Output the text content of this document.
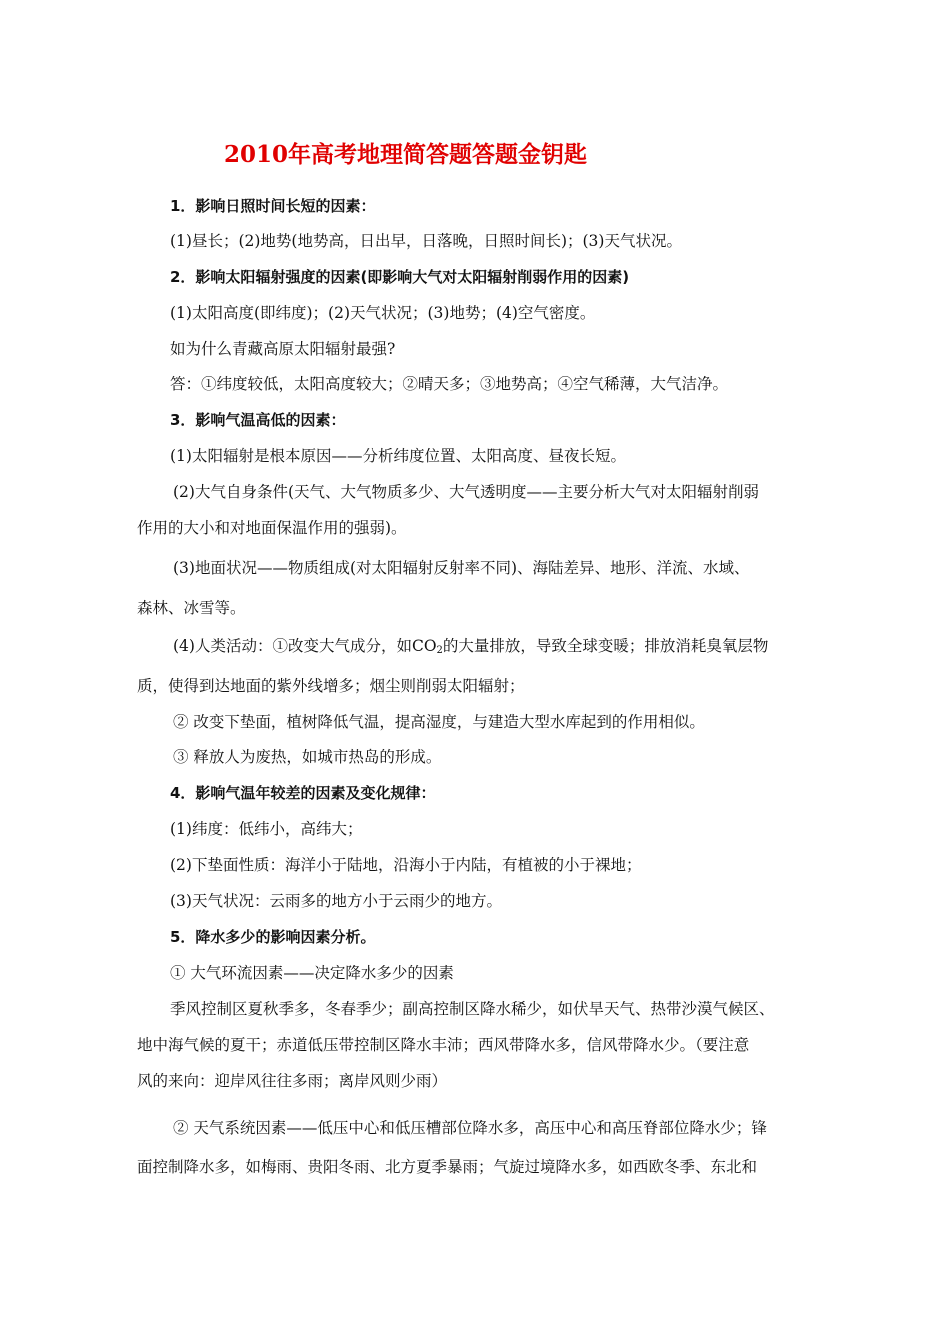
2010年高考地理简答题答题金钥匙
1．影响日照时间长短的因素：
(1)昼长；(2)地势(地势高，日出早，日落晚，日照时间长)；(3)天气状况。
2．影响太阳辐射强度的因素(即影响大气对太阳辐射削弱作用的因素)
(1)太阳高度(即纬度)；(2)天气状况；(3)地势；(4)空气密度。
如为什么青藏高原太阳辐射最强?
答：①纬度较低，太阳高度较大；②晴天多；③地势高；④空气稀薄，大气洁净。
3．影响气温高低的因素：
(1)太阳辐射是根本原因——分析纬度位置、太阳高度、昼夜长短。
(2)大气自身条件(天气、大气物质多少、大气透明度——主要分析大气对太阳辐射削弱
作用的大小和对地面保温作用的强弱)。
(3)地面状况——物质组成(对太阳辐射反射率不同)、海陆差异、地形、洋流、水域、
森林、冰雪等。
(4)人类活动：①改变大气成分，如$CO_2$的大量排放，导致全球变暖；排放消耗臭氧层物
质，使得到达地面的紫外线增多；烟尘则削弱太阳辐射；
② 改变下垫面，植树降低气温，提高湿度，与建造大型水库起到的作用相似。
③ 释放人为废热，如城市热岛的形成。
4．影响气温年较差的因素及变化规律：
(1)纬度：低纬小，高纬大；
(2)下垫面性质：海洋小于陆地，沿海小于内陆，有植被的小于裸地；
(3)天气状况：云雨多的地方小于云雨少的地方。
5．降水多少的影响因素分析。
① 大气环流因素——决定降水多少的因素
季风控制区夏秋季多，冬春季少；副高控制区降水稀少，如伏旱天气、热带沙漠气候区、
地中海气候的夏干；赤道低压带控制区降水丰沛；西风带降水多，信风带降水少。（要注意
风的来向：迎岸风往往多雨；离岸风则少雨）
② 天气系统因素——低压中心和低压槽部位降水多，高压中心和高压脊部位降水少；锋
面控制降水多，如梅雨、贵阳冬雨、北方夏季暴雨；气旋过境降水多，如西欧冬季、东北和
